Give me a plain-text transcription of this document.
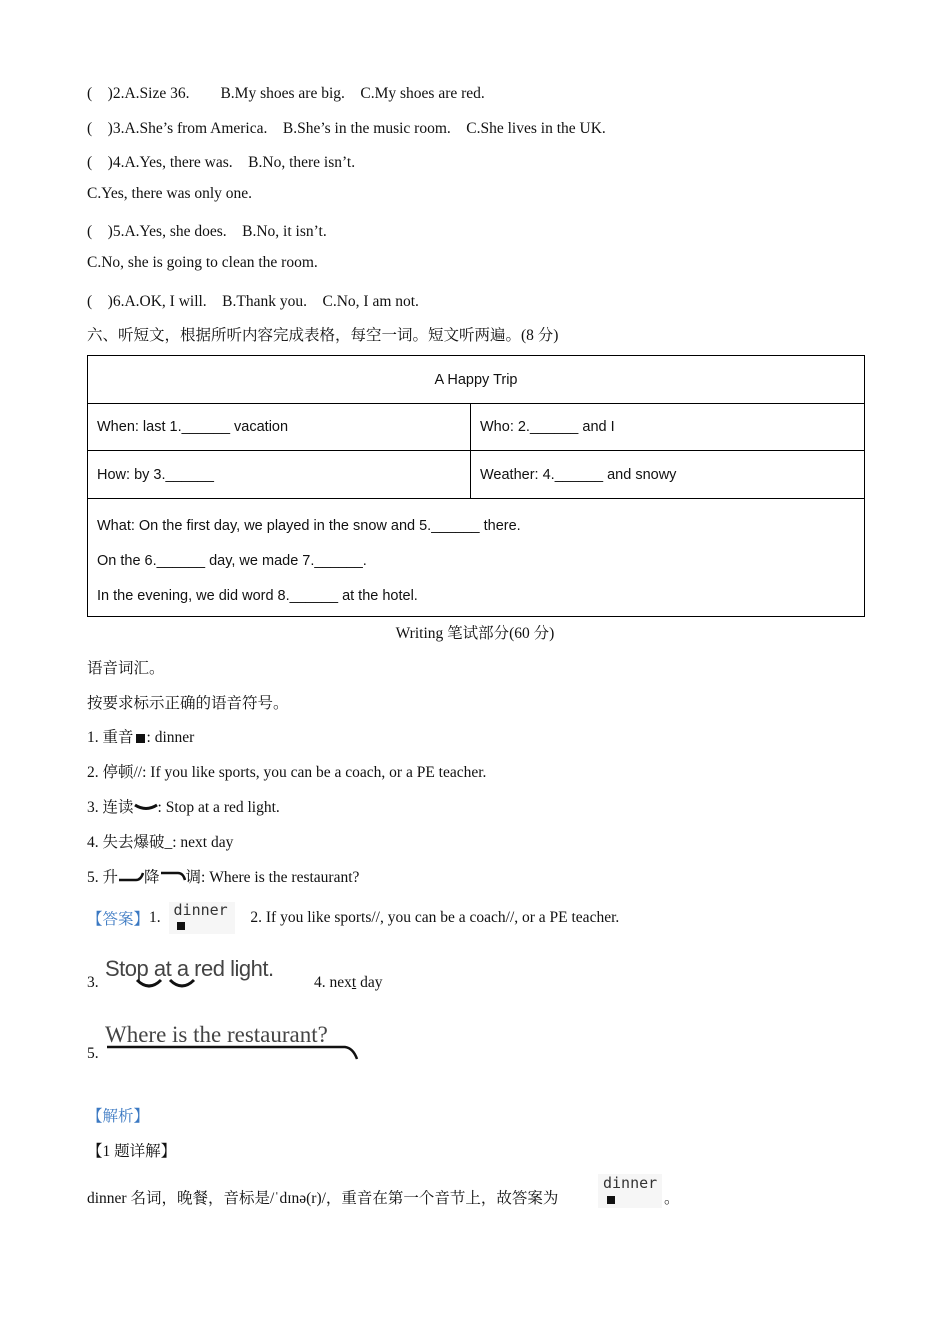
(　)2.A.Size 36.　　B.My shoes are big.　C.My shoes are red.
(　)3.A.She’s from America.　B.She’s in the music room.　C.She lives in the UK.
(　)4.A.Yes, there was.　B.No, there isn’t.
C.Yes, there was only one.
(　)5.A.Yes, she does.　B.No, it isn’t.
C.No, she is going to clean the room.
(　)6.A.OK, I will.　B.Thank you.　C.No, I am not.
六、听短文，根据所听内容完成表格，每空一词。短文听两遍。(8 分)
A Happy Trip	
When: last 1.______ vacation	Who: 2.______ and I
How: by 3.______	Weather: 4.______ and snowy

What: On the first day, we played in the snow and 5.______ there.
On the 6.______ day, we made 7.______.
In the evening, we did word 8.______ at the hotel.	
Writing 笔试部分(60 分)
语音词汇。
按要求标示正确的语音符号。
1. 重音 : dinner
2. 停顿//: If you like sports, you can be a coach, or a PE teacher.
3. 连读 : Stop at a red light.
4. 失去爆破_: next day
5. 升 降 调: Where is the restaurant?
【答案】1. dinner 2. If you like sports//, you can be a coach//, or a PE teacher.
3.
Stop at a red light.
4. next day
5.
Where is the restaurant?
【解析】
【1 题详解】
dinner 名词，晚餐，音标是/ˈdɪnə(r)/，重音在第一个音节上，故答案为
dinner
。
